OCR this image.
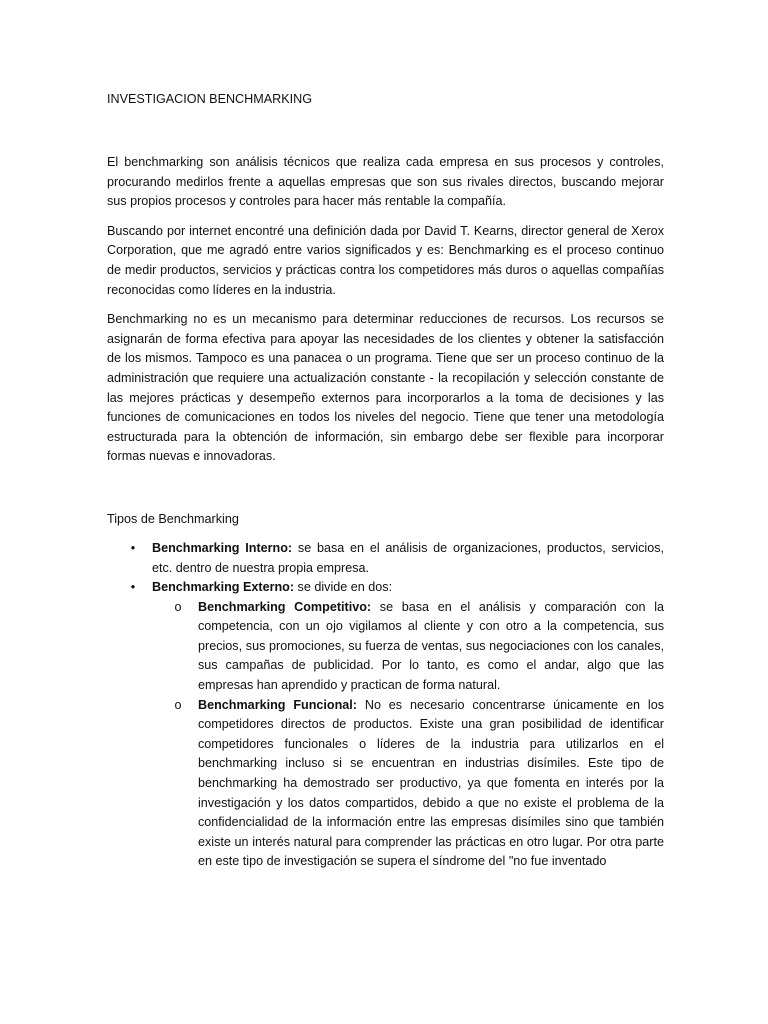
INVESTIGACION BENCHMARKING

El benchmarking son análisis técnicos que realiza cada empresa en sus procesos y controles, procurando medirlos frente a aquellas empresas que son sus rivales directos, buscando mejorar sus propios procesos y controles para hacer más rentable la compañía.

Buscando por internet encontré una definición dada por David T. Kearns, director general de Xerox Corporation, que me agradó entre varios significados y es: Benchmarking es el proceso continuo de medir productos, servicios y prácticas contra los competidores más duros o aquellas compañías reconocidas como líderes en la industria.

Benchmarking no es un mecanismo para determinar reducciones de recursos. Los recursos se asignarán de forma efectiva para apoyar las necesidades de los clientes y obtener la satisfacción de los mismos. Tampoco es una panacea o un programa. Tiene que ser un proceso continuo de la administración que requiere una actualización constante - la recopilación y selección constante de las mejores prácticas y desempeño externos para incorporarlos a la toma de decisiones y las funciones de comunicaciones en todos los niveles del negocio. Tiene que tener una metodología estructurada para la obtención de información, sin embargo debe ser flexible para incorporar formas nuevas e innovadoras.

Tipos de Benchmarking
• Benchmarking Interno: se basa en el análisis de organizaciones, productos, servicios, etc. dentro de nuestra propia empresa.
• Benchmarking Externo: se divide en dos:
o Benchmarking Competitivo: se basa en el análisis y comparación con la competencia, con un ojo vigilamos al cliente y con otro a la competencia, sus precios, sus promociones, su fuerza de ventas, sus negociaciones con los canales, sus campañas de publicidad. Por lo tanto, es como el andar, algo que las empresas han aprendido y practican de forma natural.
o Benchmarking Funcional: No es necesario concentrarse únicamente en los competidores directos de productos. Existe una gran posibilidad de identificar competidores funcionales o líderes de la industria para utilizarlos en el benchmarking incluso si se encuentran en industrias disímiles. Este tipo de benchmarking ha demostrado ser productivo, ya que fomenta en interés por la investigación y los datos compartidos, debido a que no existe el problema de la confidencialidad de la información entre las empresas disímiles sino que también existe un interés natural para comprender las prácticas en otro lugar. Por otra parte en este tipo de investigación se supera el síndrome del "no fue inventado
